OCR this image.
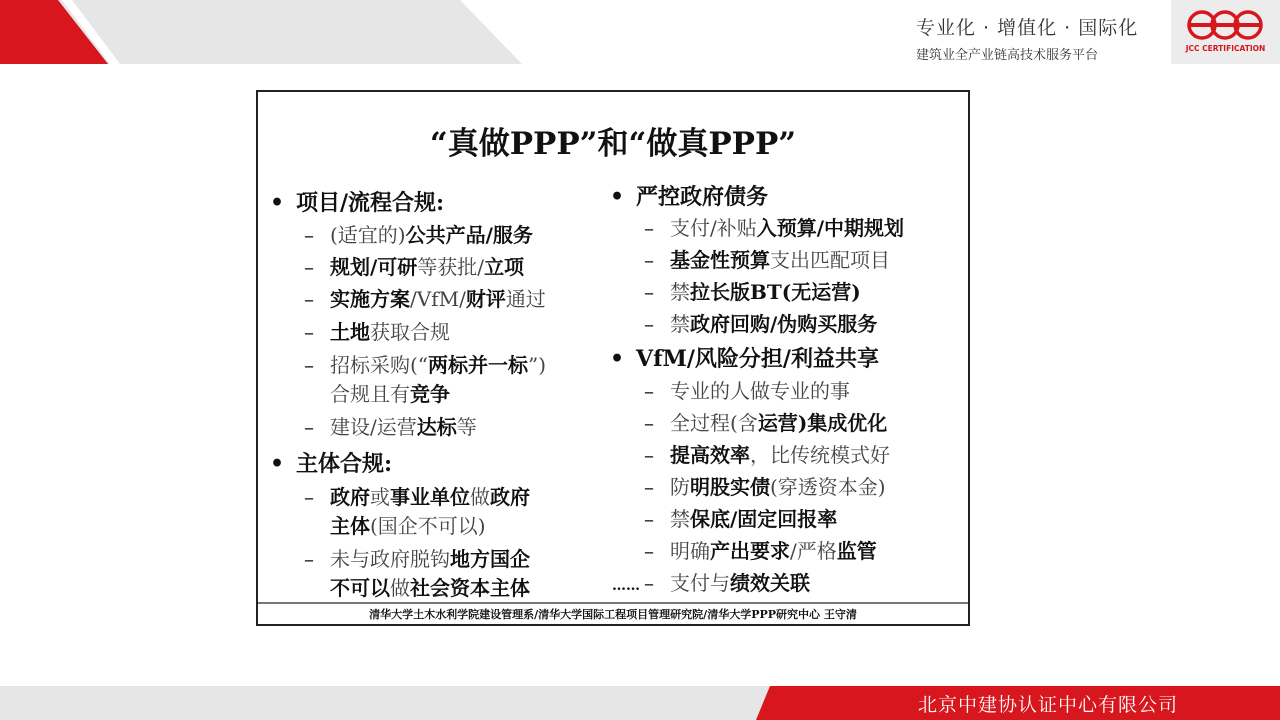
专业化 · 增值化 · 国际化
建筑业全产业链高技术服务平台	JCC CERTIFICATION
“真做PPP”和“做真PPP”
• 项目/流程合规:
– (适宜的)公共产品/服务
– 规划/可研等获批/立项
– 实施方案/VfM/财评通过
– 土地获取合规
– 招标采购(“两标并一标”)
合规且有竞争
– 建设/运营达标等
• 主体合规:
– 政府或事业单位做政府
主体(国企不可以)
– 未与政府脱钩地方国企
不可以做社会资本主体
• 严控政府债务
– 支付/补贴入预算/中期规划
– 基金性预算支出匹配项目
– 禁拉长版BT(无运营)
– 禁政府回购/伪购买服务
• VfM/风险分担/利益共享
– 专业的人做专业的事
– 全过程(含运营)集成优化
– 提高效率，比传统模式好
– 防明股实债(穿透资本金)
– 禁保底/固定回报率
– 明确产出要求/严格监管
– 支付与绩效关联
……
清华大学土木水利学院建设管理系/清华大学国际工程项目管理研究院/清华大学PPP研究中心 王守清
北京中建协认证中心有限公司
